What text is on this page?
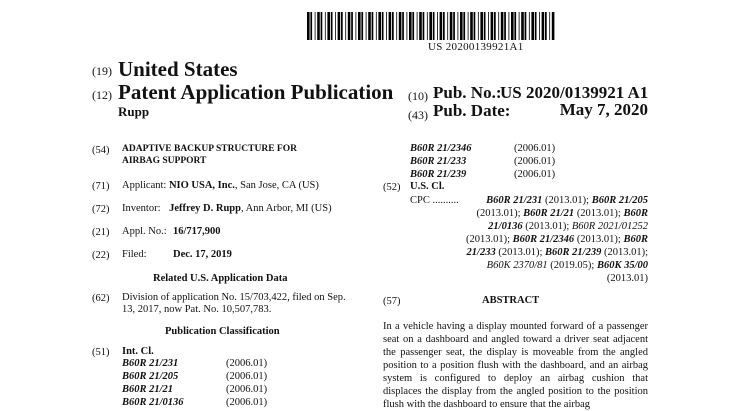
US 20200139921A1
(19) United States
(12) Patent Application Publication
Rupp
(10) Pub. No.:
US 2020/0139921 A1
(43) Pub. Date:	May 7, 2020
(54) ADAPTIVE BACKUP STRUCTURE FOR
AIRBAG SUPPORT
(71) Applicant: NIO USA, Inc., San Jose, CA (US)
(72) Inventor: Jeffrey D. Rupp, Ann Arbor, MI (US)
(21) Appl. No.: 16/717,900
(22) Filed:	Dec. 17, 2019
Related U.S. Application Data
(62) Division of application No. 15/703,422, filed on Sep.
13, 2017, now Pat. No. 10,507,783.
Publication Classification
(51) Int. Cl.
B60R 21/231	(2006.01)
B60R 21/205	(2006.01)
B60R 21/21	(2006.01)
B60R 21/0136	(2006.01)
B60R 21/2346	(2006.01)
B60R 21/233	(2006.01)
B60R 21/239	(2006.01)
(52) U.S. Cl.
CPC ..........	B60R 21/231 (2013.01); B60R 21/205
(2013.01); B60R 21/21 (2013.01); B60R
21/0136 (2013.01); B60R 2021/01252
(2013.01); B60R 21/2346 (2013.01); B60R
21/233 (2013.01); B60R 21/239 (2013.01);
B60K 2370/81 (2019.05); B60K 35/00
(2013.01)
(57)	ABSTRACT
In a vehicle having a display mounted forward of a passenger seat on a dashboard and angled toward a driver seat adjacent the passenger seat, the display is moveable from the angled position to a position flush with the dashboard, and an airbag system is configured to deploy an airbag cushion that displaces the display from the angled position to the position flush with the dashboard to ensure that the airbag
